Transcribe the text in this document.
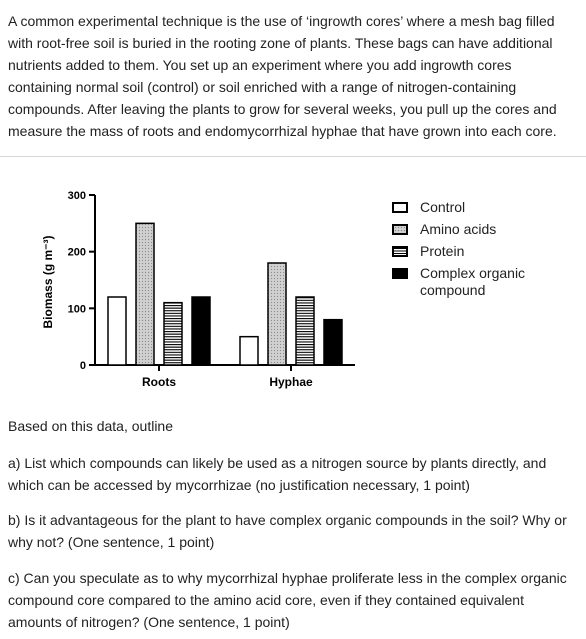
A common experimental technique is the use of ‘ingrowth cores’ where a mesh bag filled with root-free soil is buried in the rooting zone of plants. These bags can have additional nutrients added to them. You set up an experiment where you add ingrowth cores containing normal soil (control) or soil enriched with a range of nitrogen-containing compounds. After leaving the plants to grow for several weeks, you pull up the cores and measure the mass of roots and endomycorrhizal hyphae that have grown into each core.

0
100
200
300
Roots	Hyphae
Biomass (g m⁻³)
Control
Amino acids
Protein
Complex organic compound

Based on this data, outline

a) List which compounds can likely be used as a nitrogen source by plants directly, and which can be accessed by mycorrhizae (no justification necessary, 1 point)

b) Is it advantageous for the plant to have complex organic compounds in the soil? Why or why not? (One sentence, 1 point)

c) Can you speculate as to why mycorrhizal hyphae proliferate less in the complex organic compound core compared to the amino acid core, even if they contained equivalent amounts of nitrogen? (One sentence, 1 point)
